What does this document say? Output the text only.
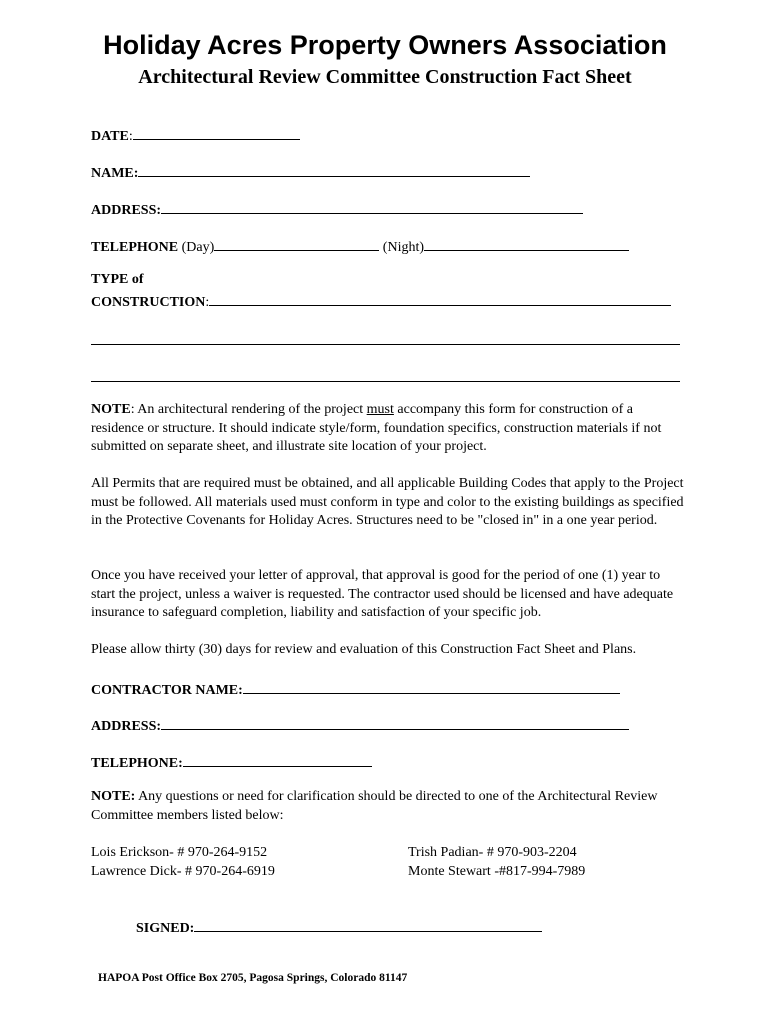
Holiday Acres Property Owners Association
Architectural Review Committee Construction Fact Sheet
DATE:
NAME:
ADDRESS:
TELEPHONE (Day)	(Night)
TYPE of
CONSTRUCTION:
NOTE: An architectural rendering of the project must accompany this form for construction of a residence or structure. It should indicate style/form, foundation specifics, construction materials if not submitted on separate sheet, and illustrate site location of your project.
All Permits that are required must be obtained, and all applicable Building Codes that apply to the Project must be followed. All materials used must conform in type and color to the existing buildings as specified in the Protective Covenants for Holiday Acres. Structures need to be "closed in" in a one year period.
Once you have received your letter of approval, that approval is good for the period of one (1) year to start the project, unless a waiver is requested. The contractor used should be licensed and have adequate insurance to safeguard completion, liability and satisfaction of your specific job.
Please allow thirty (30) days for review and evaluation of this Construction Fact Sheet and Plans.
CONTRACTOR NAME:
ADDRESS:
TELEPHONE:
NOTE: Any questions or need for clarification should be directed to one of the Architectural Review Committee members listed below:
Lois Erickson- # 970-264-9152
Lawrence Dick- # 970-264-6919
Trish Padian- # 970-903-2204
Monte Stewart -#817-994-7989
SIGNED:
HAPOA Post Office Box 2705, Pagosa Springs, Colorado 81147
